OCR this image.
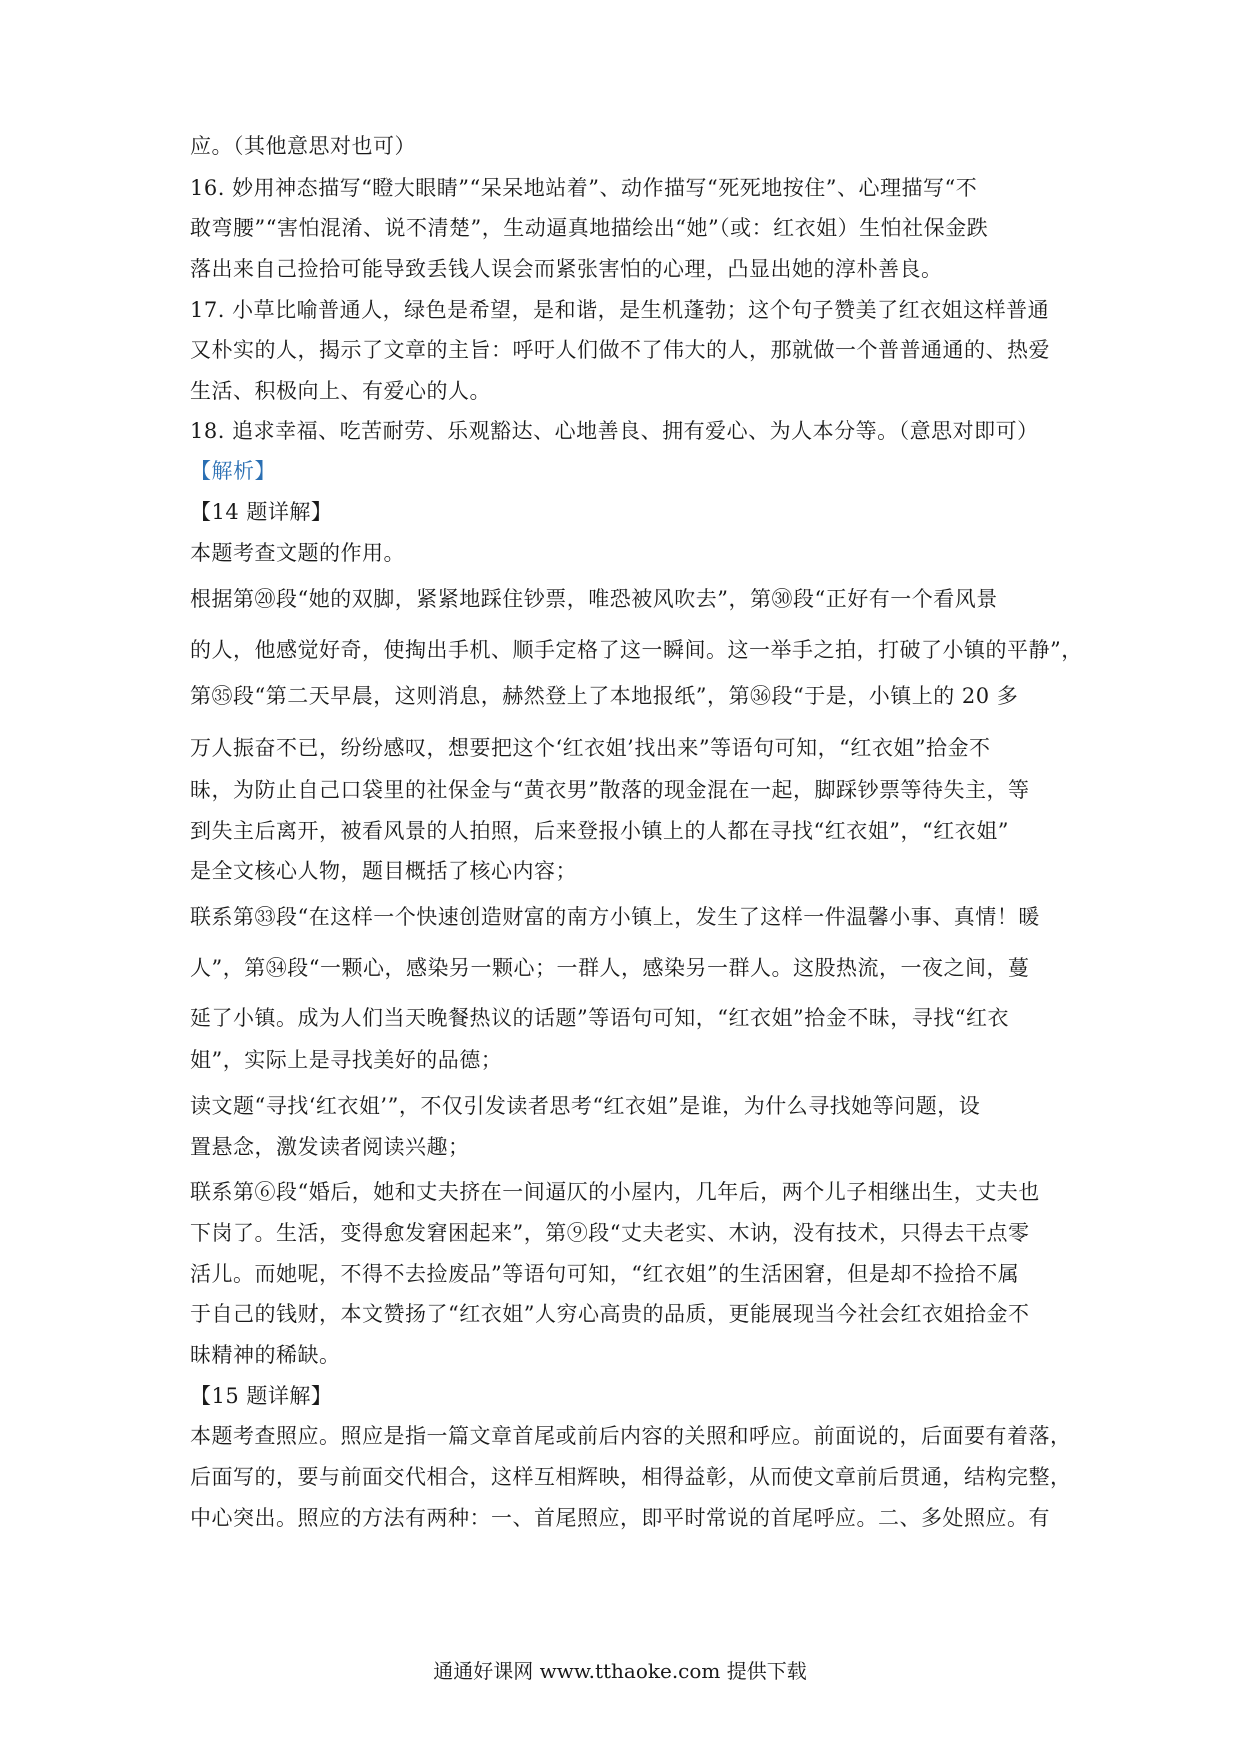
应。（其他意思对也可）
16. 妙用神态描写“瞪大眼睛”“呆呆地站着”、动作描写“死死地按住”、心理描写“不
敢弯腰”“害怕混淆、说不清楚”，生动逼真地描绘出“她”（或：红衣姐）生怕社保金跌
落出来自己捡拾可能导致丢钱人误会而紧张害怕的心理，凸显出她的淳朴善良。
17. 小草比喻普通人，绿色是希望，是和谐，是生机蓬勃；这个句子赞美了红衣姐这样普通
又朴实的人，揭示了文章的主旨：呼吁人们做不了伟大的人，那就做一个普普通通的、热爱
生活、积极向上、有爱心的人。
18. 追求幸福、吃苦耐劳、乐观豁达、心地善良、拥有爱心、为人本分等。（意思对即可）
【解析】
【14 题详解】
本题考查文题的作用。
根据第⑳段“她的双脚，紧紧地踩住钞票，唯恐被风吹去”，第㉚段“正好有一个看风景
的人，他感觉好奇，使掏出手机、顺手定格了这一瞬间。这一举手之拍，打破了小镇的平静”，
第㉟段“第二天早晨，这则消息，赫然登上了本地报纸”，第㊱段“于是，小镇上的 20 多
万人振奋不已，纷纷感叹，想要把这个‘红衣姐’找出来”等语句可知，“红衣姐”拾金不
昧，为防止自己口袋里的社保金与“黄衣男”散落的现金混在一起，脚踩钞票等待失主，等
到失主后离开，被看风景的人拍照，后来登报小镇上的人都在寻找“红衣姐”，“红衣姐”
是全文核心人物，题目概括了核心内容；
联系第㉝段“在这样一个快速创造财富的南方小镇上，发生了这样一件温馨小事、真情！暖
人”，第㉞段“一颗心，感染另一颗心；一群人，感染另一群人。这股热流，一夜之间，蔓
延了小镇。成为人们当天晚餐热议的话题”等语句可知，“红衣姐”拾金不昧，寻找“红衣
姐”，实际上是寻找美好的品德；
读文题“寻找‘红衣姐’”，不仅引发读者思考“红衣姐”是谁，为什么寻找她等问题，设
置悬念，激发读者阅读兴趣；
联系第⑥段“婚后，她和丈夫挤在一间逼仄的小屋内，几年后，两个儿子相继出生，丈夫也
下岗了。生活，变得愈发窘困起来”，第⑨段“丈夫老实、木讷，没有技术，只得去干点零
活儿。而她呢，不得不去捡废品”等语句可知，“红衣姐”的生活困窘，但是却不捡拾不属
于自己的钱财，本文赞扬了“红衣姐”人穷心高贵的品质，更能展现当今社会红衣姐拾金不
昧精神的稀缺。
【15 题详解】
本题考查照应。照应是指一篇文章首尾或前后内容的关照和呼应。前面说的，后面要有着落，
后面写的，要与前面交代相合，这样互相辉映，相得益彰，从而使文章前后贯通，结构完整，
中心突出。照应的方法有两种：一、首尾照应，即平时常说的首尾呼应。二、多处照应。有
通通好课网 www.tthaoke.com 提供下载
